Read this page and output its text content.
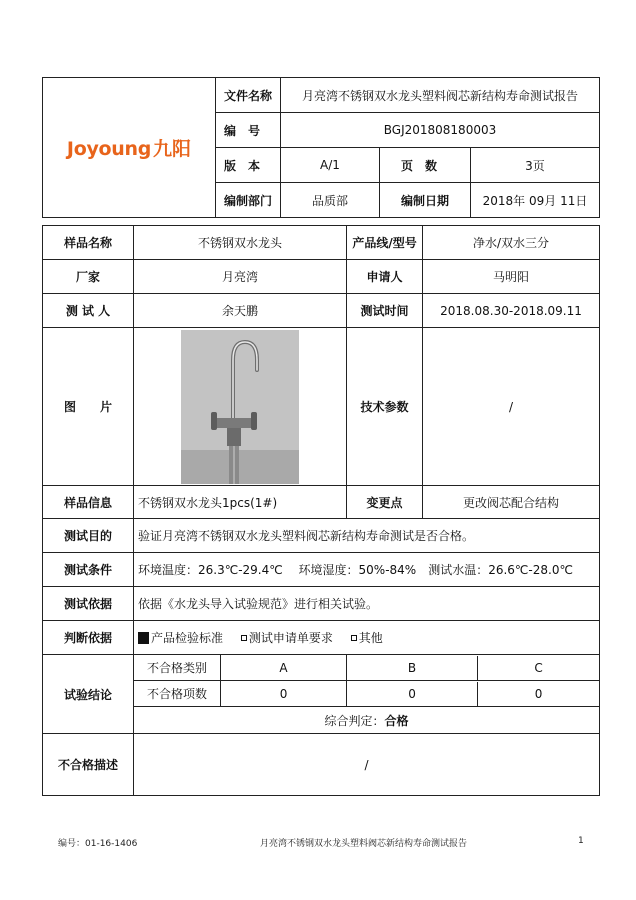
Joyoung 九阳	文件名称	月亮湾不锈钢双水龙头塑料阀芯新结构寿命测试报告		
	编号	BGJ201808180003		
	版本	A/1	页数	3页
	编制部门	品质部	编制日期	2018年 09月 11日
样品名称	不锈钢双水龙头	产品线/型号	净水/双水三分
厂家	月亮湾	申请人	马明阳
测 试 人	余天鹏	测试时间	2018.08.30-2018.09.11
图　　片		技术参数	/
样品信息	不锈钢双水龙头1pcs(1#)	变更点	更改阀芯配合结构
测试目的	验证月亮湾不锈钢双水龙头塑料阀芯新结构寿命测试是否合格。
测试条件	环境温度：26.3℃-29.4℃　 环境湿度：50%-84%　测试水温：26.6℃-28.0℃
测试依据	依据《水龙头导入试验规范》进行相关试验。
判断依据	产品检验标准 测试申请单要求 其他
试验结论	不合格类别	A		B	C

不合格项数	0		0	0

综合判定：合格
不合格描述	/
编号：01-16-1406	月亮湾不锈钢双水龙头塑料阀芯新结构寿命测试报告	1
